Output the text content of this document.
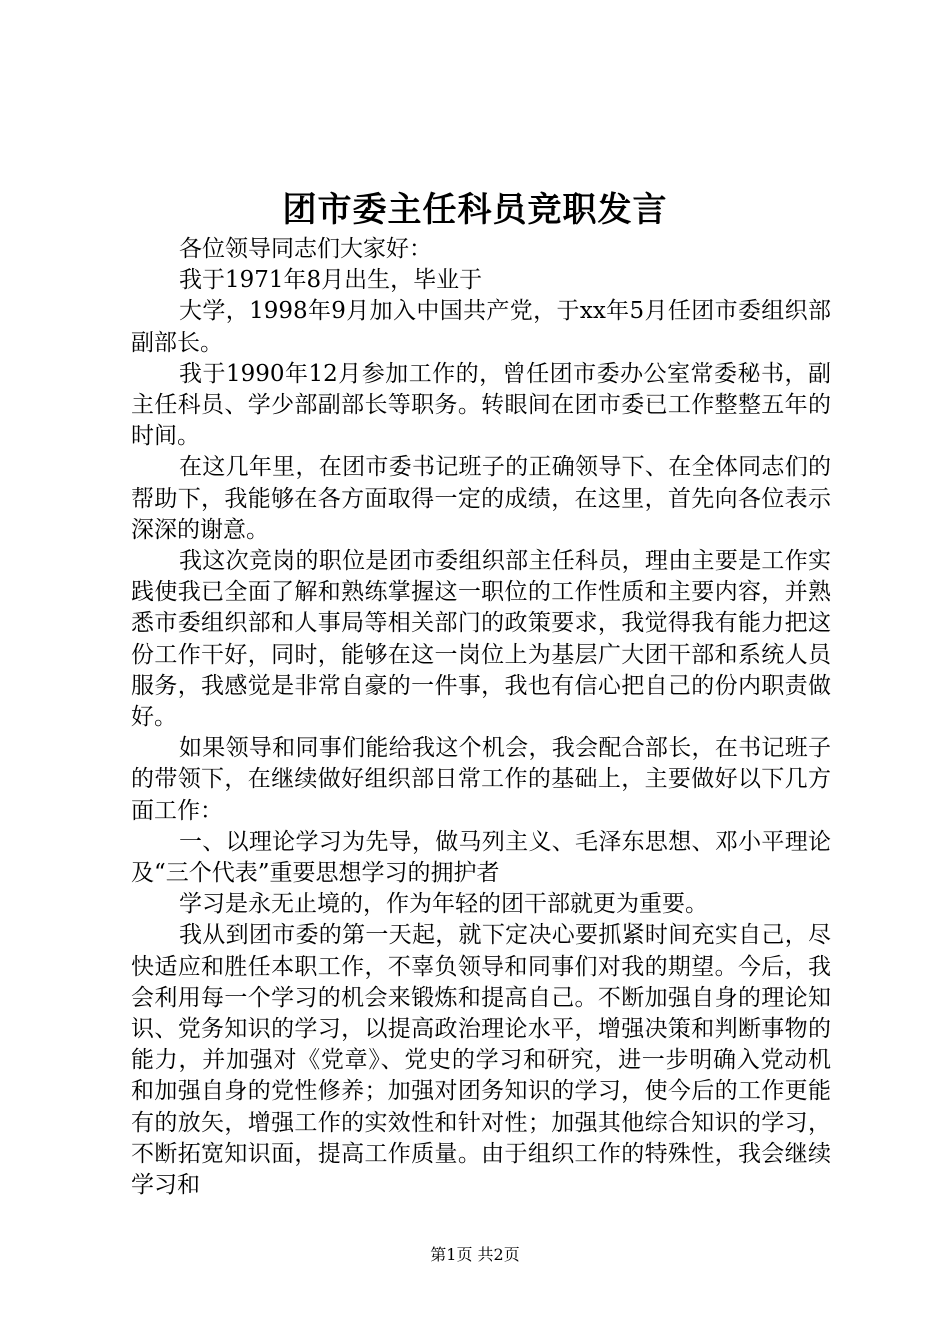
团市委主任科员竞职发言

各位领导同志们大家好：

我于1971年8月出生，毕业于

大学，1998年9月加入中国共产党，于xx年5月任团市委组织部副部长。

我于1990年12月参加工作的，曾任团市委办公室常委秘书，副主任科员、学少部副部长等职务。转眼间在团市委已工作整整五年的时间。

在这几年里，在团市委书记班子的正确领导下、在全体同志们的帮助下，我能够在各方面取得一定的成绩，在这里，首先向各位表示深深的谢意。

我这次竞岗的职位是团市委组织部主任科员，理由主要是工作实践使我已全面了解和熟练掌握这一职位的工作性质和主要内容，并熟悉市委组织部和人事局等相关部门的政策要求，我觉得我有能力把这份工作干好，同时，能够在这一岗位上为基层广大团干部和系统人员服务，我感觉是非常自豪的一件事，我也有信心把自己的份内职责做好。

如果领导和同事们能给我这个机会，我会配合部长，在书记班子的带领下，在继续做好组织部日常工作的基础上，主要做好以下几方面工作：

一、以理论学习为先导，做马列主义、毛泽东思想、邓小平理论及“三个代表”重要思想学习的拥护者

学习是永无止境的，作为年轻的团干部就更为重要。

我从到团市委的第一天起，就下定决心要抓紧时间充实自己，尽快适应和胜任本职工作，不辜负领导和同事们对我的期望。今后，我会利用每一个学习的机会来锻炼和提高自己。不断加强自身的理论知识、党务知识的学习，以提高政治理论水平，增强决策和判断事物的能力，并加强对《党章》、党史的学习和研究，进一步明确入党动机和加强自身的党性修养；加强对团务知识的学习，使今后的工作更能有的放矢，增强工作的实效性和针对性；加强其他综合知识的学习，不断拓宽知识面，提高工作质量。由于组织工作的特殊性，我会继续学习和

第1页 共2页
